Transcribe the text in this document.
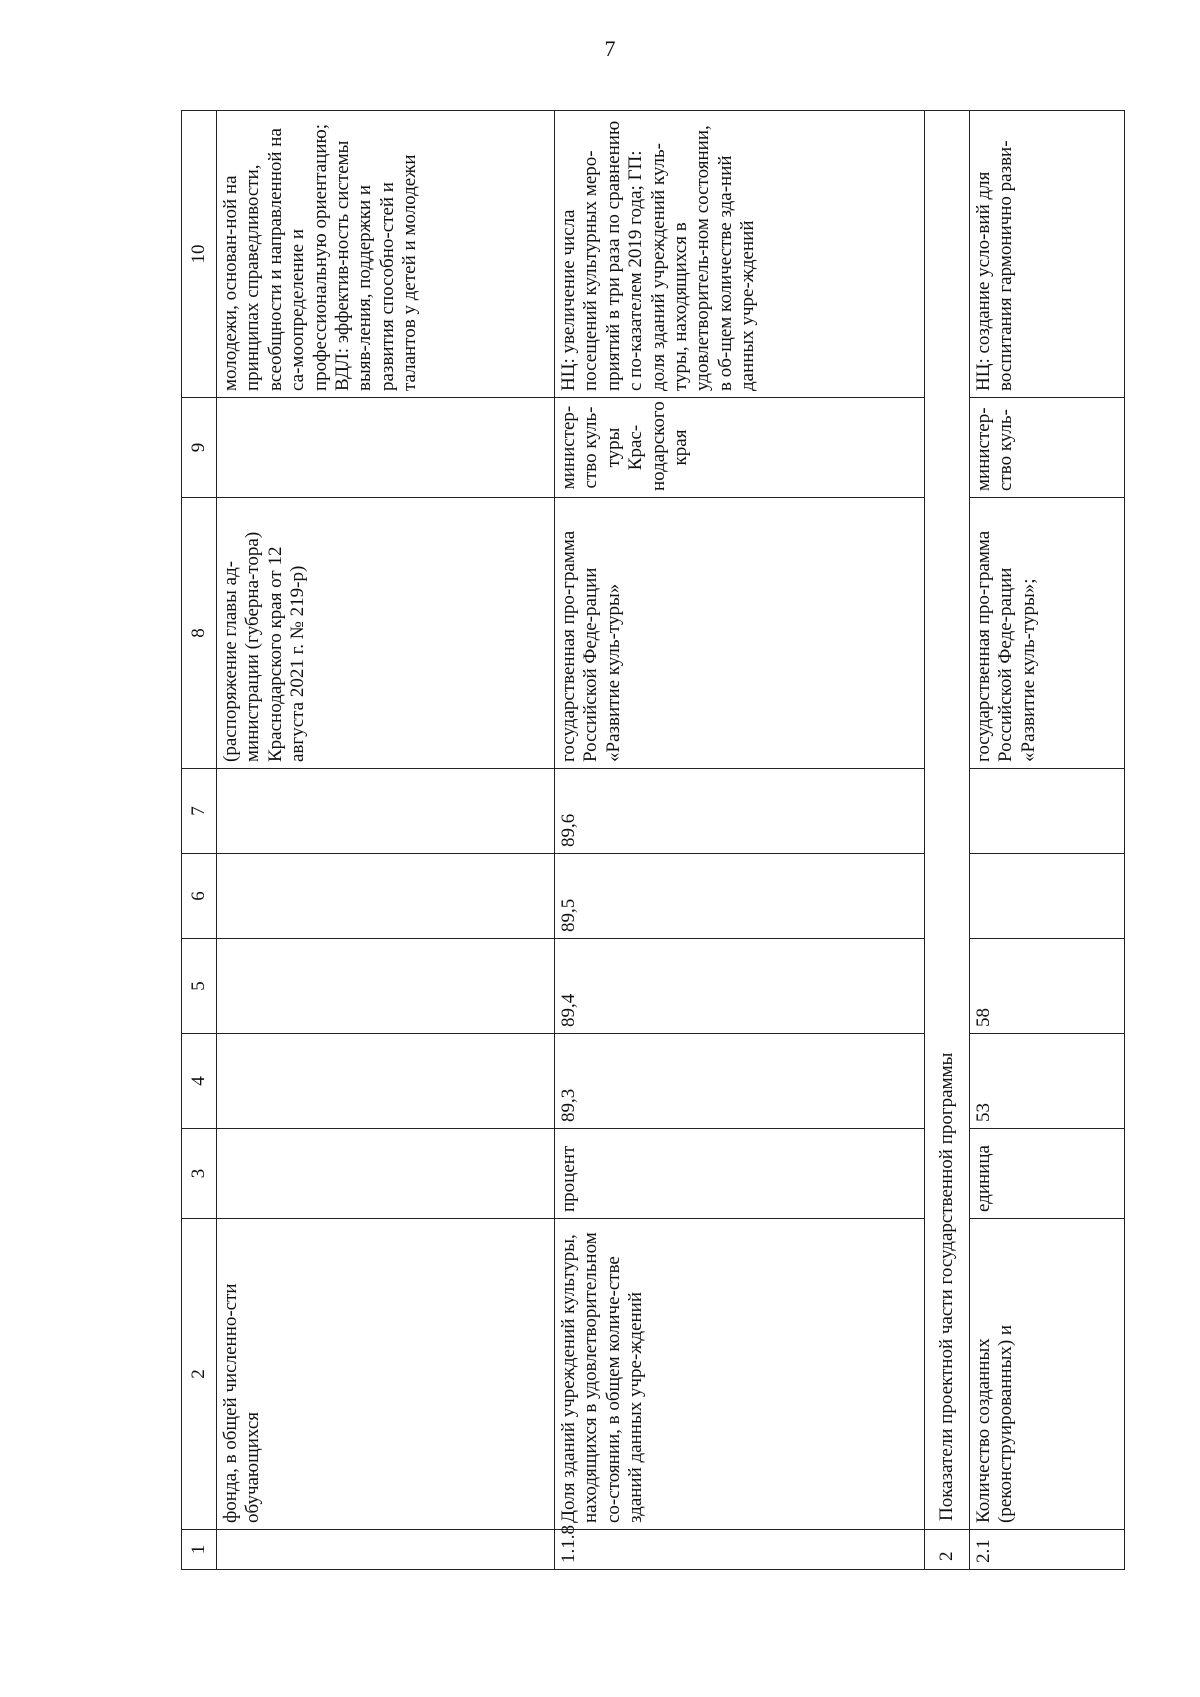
7
1	2	3	4	5	6	7	8	9	10
	фонда, в общей численно-сти обучающихся						(распоряжение главы ад-министрации (губерна-тора) Краснодарского края от 12 августа 2021 г. № 219-р)		молодежи, основан-ной на принципах справедливости, всеобщности и направленной на са-моопределение и профессиональную ориентацию; ВДЛ: эффектив-ность системы выяв-ления, поддержки и развития способно-стей и талантов у детей и молодежи
1.1.8	Доля зданий учреждений культуры, находящихся в удовлетворительном со-стоянии, в общем количе-стве зданий данных учре-ждений	процент	89,3	89,4	89,5	89,6	государственная про-грамма Российской Феде-рации «Развитие куль-туры»	министер-ство куль-туры Крас-нодарского края	НЦ: увеличение числа посещений культурных меро-приятий в три раза по сравнению с по-казателем 2019 года; ГП: доля зданий учреждений куль-туры, находящихся в удовлетворитель-ном состоянии, в об-щем количестве зда-ний данных учре-ждений
2	Показатели проектной части государственной программы								
2.1	Количество созданных (реконструированных) и	единица	53	58			государственная про-грамма Российской Феде-рации «Развитие куль-туры»;	министер-ство куль-	НЦ: создание усло-вий для воспитания гармонично разви-
